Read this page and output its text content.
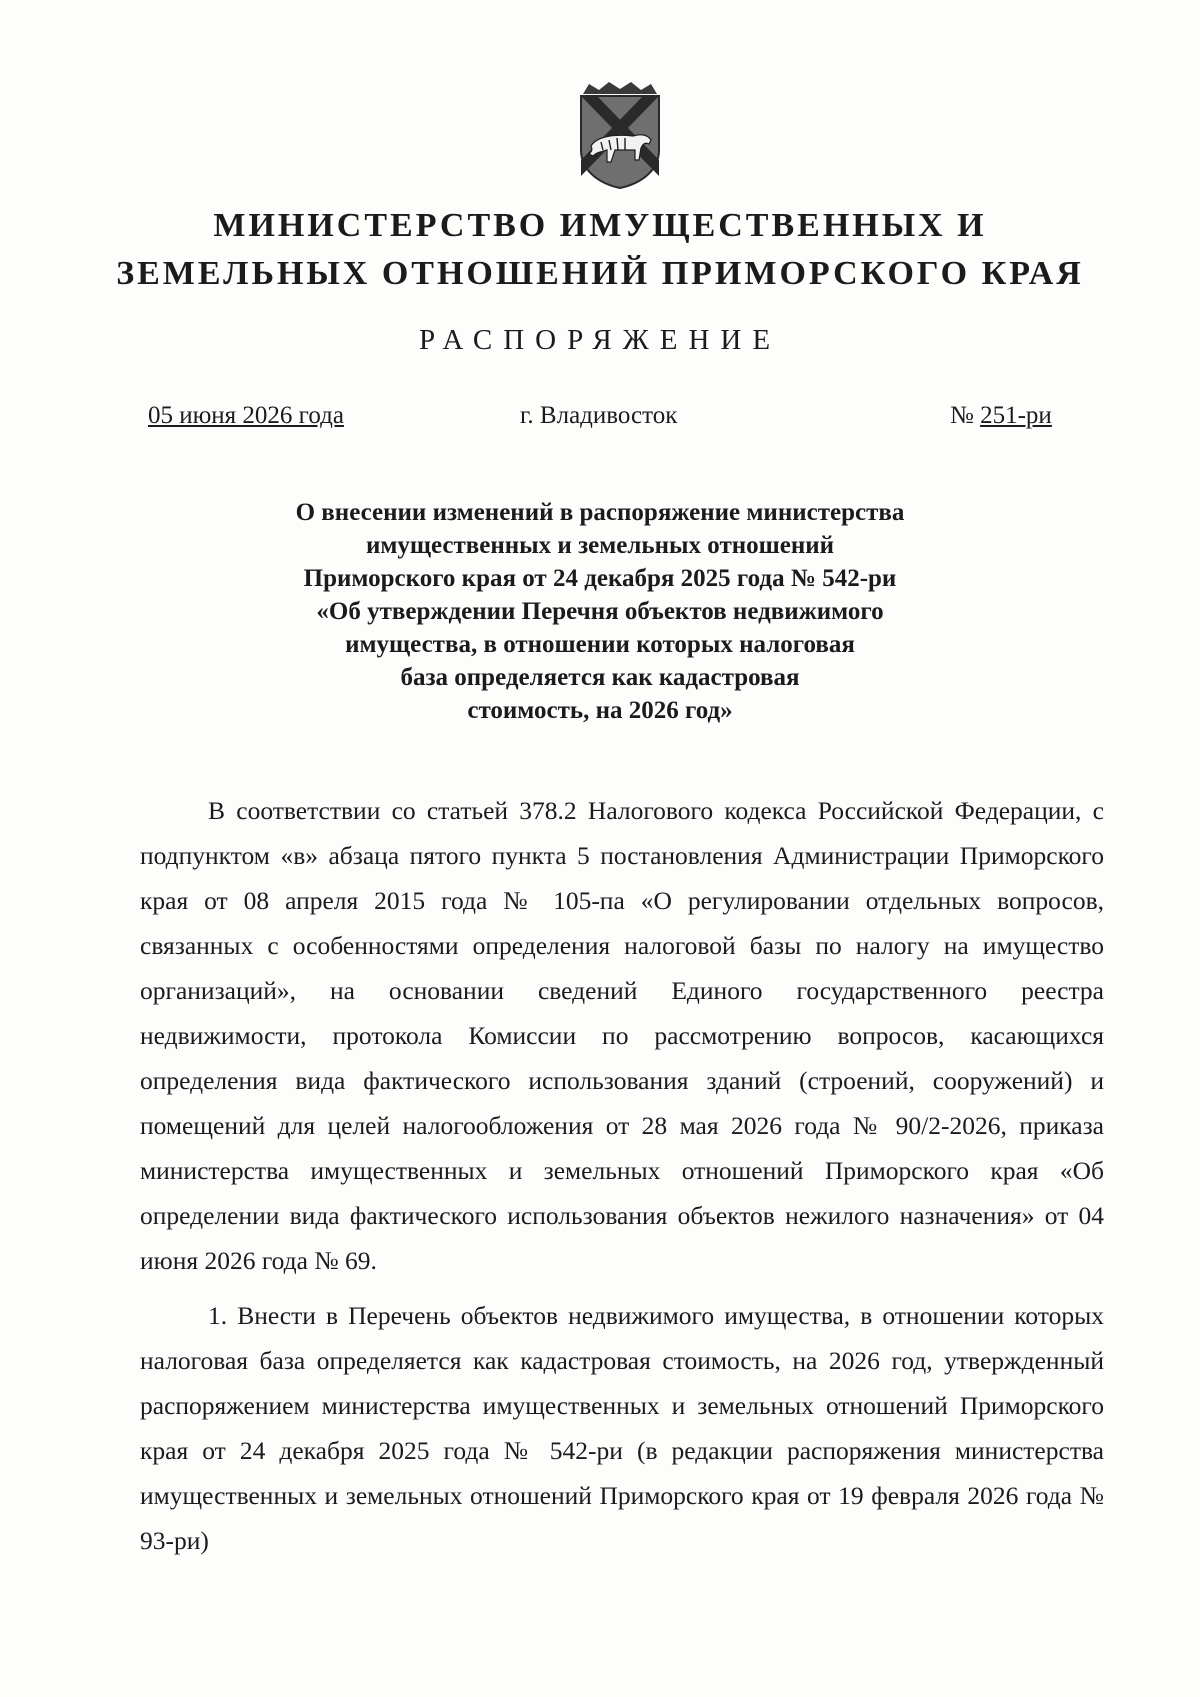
МИНИСТЕРСТВО ИМУЩЕСТВЕННЫХ И
ЗЕМЕЛЬНЫХ ОТНОШЕНИЙ ПРИМОРСКОГО КРАЯ
РАСПОРЯЖЕНИЕ
05 июня 2026 года	г. Владивосток	№ 251-ри
О внесении изменений в распоряжение министерства
имущественных и земельных отношений
Приморского края от 24 декабря 2025 года № 542-ри
«Об утверждении Перечня объектов недвижимого
имущества, в отношении которых налоговая
база определяется как кадастровая
стоимость, на 2026 год»

В соответствии со статьей 378.2 Налогового кодекса Российской Федерации, с подпунктом «в» абзаца пятого пункта 5 постановления Администрации Приморского края от 08 апреля 2015 года № 105-па «О регулировании отдельных вопросов, связанных с особенностями определения налоговой базы по налогу на имущество организаций», на основании сведений Единого государственного реестра недвижимости, протокола Комиссии по рассмотрению вопросов, касающихся определения вида фактического использования зданий (строений, сооружений) и помещений для целей налогообложения от 28 мая 2026 года № 90/2-2026, приказа министерства имущественных и земельных отношений Приморского края «Об определении вида фактического использования объектов нежилого назначения» от 04 июня 2026 года № 69.

1. Внести в Перечень объектов недвижимого имущества, в отношении которых налоговая база определяется как кадастровая стоимость, на 2026 год, утвержденный распоряжением министерства имущественных и земельных отношений Приморского края от 24 декабря 2025 года № 542-ри (в редакции распоряжения министерства имущественных и земельных отношений Приморского края от 19 февраля 2026 года № 93-ри)
